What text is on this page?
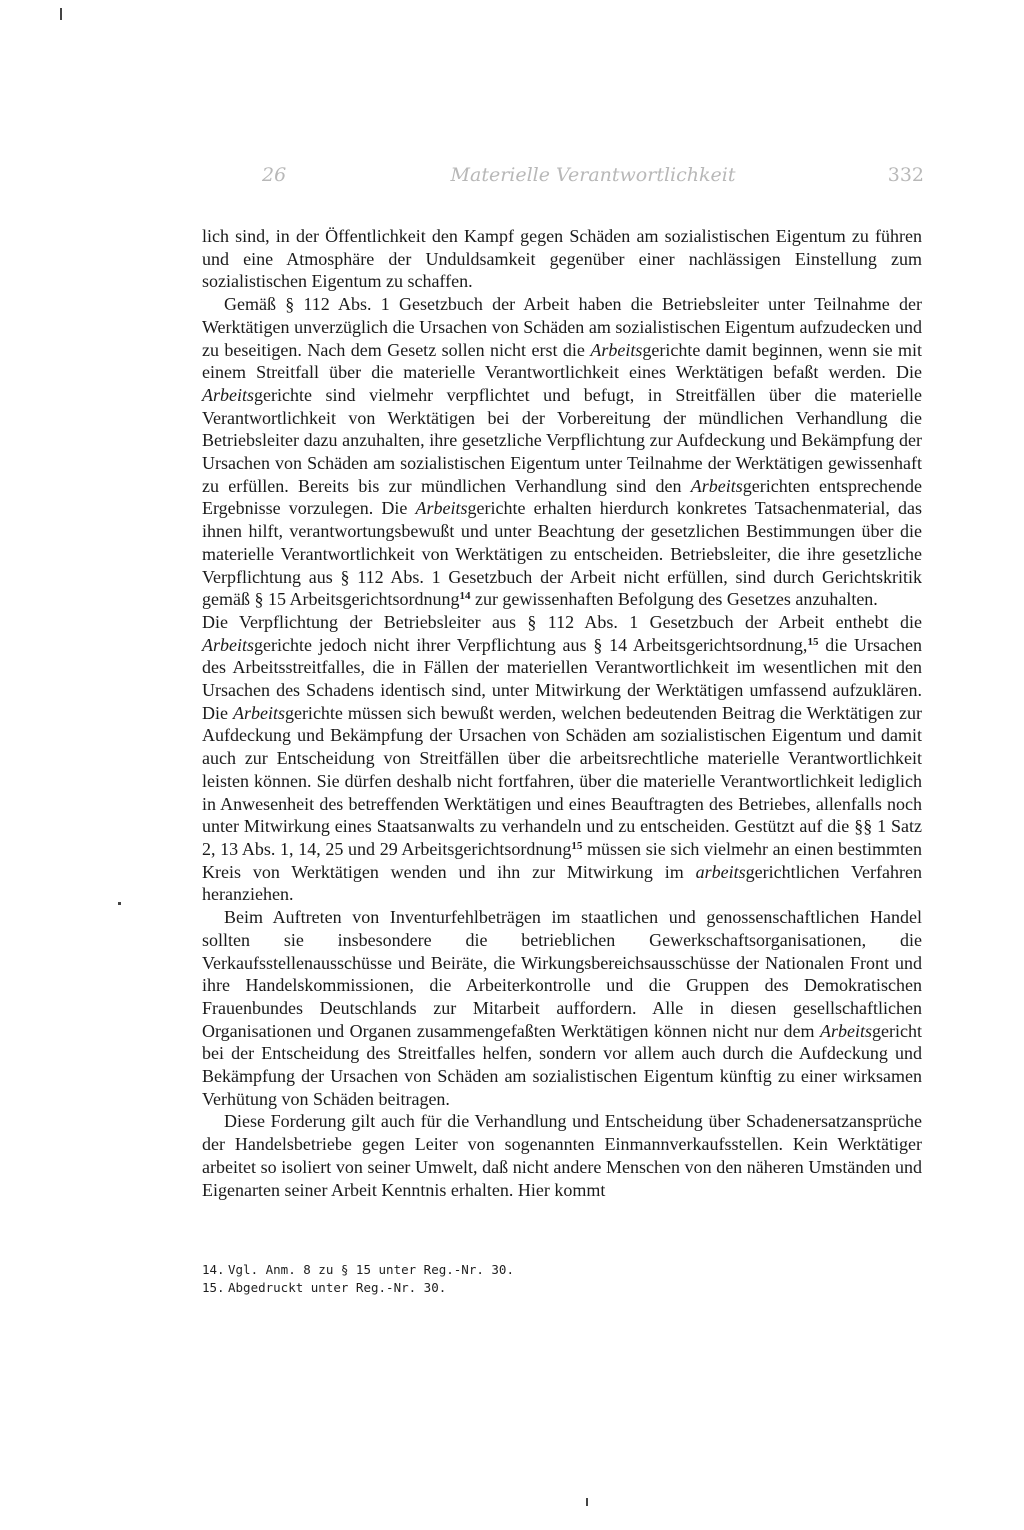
26	Materielle Verantwortlichkeit	332

lich sind, in der Öffentlichkeit den Kampf gegen Schäden am sozialistischen Eigentum zu führen und eine Atmosphäre der Unduldsamkeit gegenüber einer nachlässigen Einstellung zum sozialistischen Eigentum zu schaffen.

Gemäß § 112 Abs. 1 Gesetzbuch der Arbeit haben die Betriebsleiter unter Teilnahme der Werktätigen unverzüglich die Ursachen von Schäden am sozialistischen Eigentum aufzudecken und zu beseitigen. Nach dem Gesetz sollen nicht erst die Arbeitsgerichte damit beginnen, wenn sie mit einem Streitfall über die materielle Verantwortlichkeit eines Werktätigen befaßt werden. Die Arbeitsgerichte sind vielmehr verpflichtet und befugt, in Streitfällen über die materielle Verantwortlichkeit von Werktätigen bei der Vorbereitung der mündlichen Verhandlung die Betriebsleiter dazu anzuhalten, ihre gesetzliche Verpflichtung zur Aufdeckung und Bekämpfung der Ursachen von Schäden am sozialistischen Eigentum unter Teilnahme der Werktätigen gewissenhaft zu erfüllen. Bereits bis zur mündlichen Verhandlung sind den Arbeitsgerichten entsprechende Ergebnisse vorzulegen. Die Arbeitsgerichte erhalten hierdurch konkretes Tatsachenmaterial, das ihnen hilft, verantwortungsbewußt und unter Beachtung der gesetzlichen Bestimmungen über die materielle Verantwortlichkeit von Werktätigen zu entscheiden. Betriebsleiter, die ihre gesetzliche Verpflichtung aus § 112 Abs. 1 Gesetzbuch der Arbeit nicht erfüllen, sind durch Gerichtskritik gemäß § 15 Arbeitsgerichtsordnung$^{14}$ zur gewissenhaften Befolgung des Gesetzes anzuhalten.

Die Verpflichtung der Betriebsleiter aus § 112 Abs. 1 Gesetzbuch der Arbeit enthebt die Arbeitsgerichte jedoch nicht ihrer Verpflichtung aus § 14 Arbeitsgerichtsordnung,$^{15}$ die Ursachen des Arbeitsstreitfalles, die in Fällen der materiellen Verantwortlichkeit im wesentlichen mit den Ursachen des Schadens identisch sind, unter Mitwirkung der Werktätigen umfassend aufzuklären. Die Arbeitsgerichte müssen sich bewußt werden, welchen bedeutenden Beitrag die Werktätigen zur Aufdeckung und Bekämpfung der Ursachen von Schäden am sozialistischen Eigentum und damit auch zur Entscheidung von Streitfällen über die arbeitsrechtliche materielle Verantwortlichkeit leisten können. Sie dürfen deshalb nicht fortfahren, über die materielle Verantwortlichkeit lediglich in Anwesenheit des betreffenden Werktätigen und eines Beauftragten des Betriebes, allenfalls noch unter Mitwirkung eines Staatsanwalts zu verhandeln und zu entscheiden. Gestützt auf die §§ 1 Satz 2, 13 Abs. 1, 14, 25 und 29 Arbeitsgerichtsordnung$^{15}$ müssen sie sich vielmehr an einen bestimmten Kreis von Werktätigen wenden und ihn zur Mitwirkung im arbeitsgerichtlichen Verfahren heranziehen.

Beim Auftreten von Inventurfehlbeträgen im staatlichen und genossenschaftlichen Handel sollten sie insbesondere die betrieblichen Gewerkschaftsorganisationen, die Verkaufsstellenausschüsse und Beiräte, die Wirkungsbereichsausschüsse der Nationalen Front und ihre Handelskommissionen, die Arbeiterkontrolle und die Gruppen des Demokratischen Frauenbundes Deutschlands zur Mitarbeit auffordern. Alle in diesen gesellschaftlichen Organisationen und Organen zusammengefaßten Werktätigen können nicht nur dem Arbeitsgericht bei der Entscheidung des Streitfalles helfen, sondern vor allem auch durch die Aufdeckung und Bekämpfung der Ursachen von Schäden am sozialistischen Eigentum künftig zu einer wirksamen Verhütung von Schäden beitragen.

Diese Forderung gilt auch für die Verhandlung und Entscheidung über Schadenersatzansprüche der Handelsbetriebe gegen Leiter von sogenannten Einmannverkaufsstellen. Kein Werktätiger arbeitet so isoliert von seiner Umwelt, daß nicht andere Menschen von den näheren Umständen und Eigenarten seiner Arbeit Kenntnis erhalten. Hier kommt

14. Vgl. Anm. 8 zu § 15 unter Reg.-Nr. 30.
15. Abgedruckt unter Reg.-Nr. 30.
